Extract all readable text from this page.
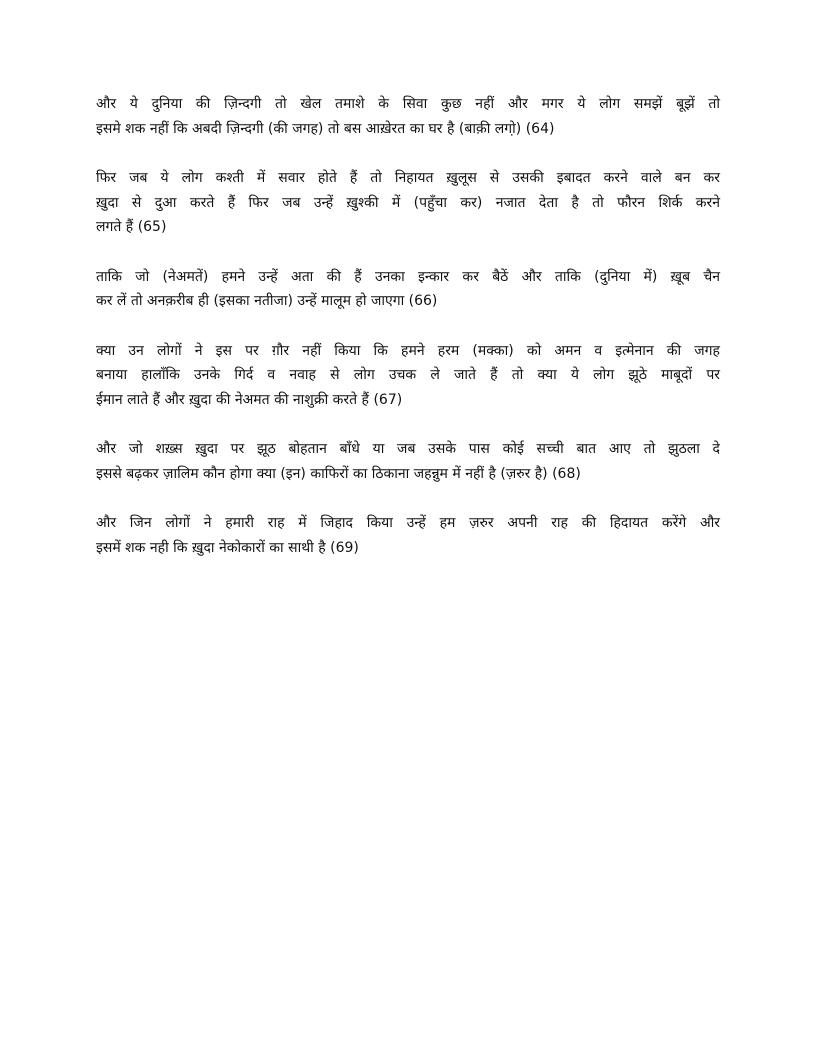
और ये दुनिया की ज़िन्दगी तो खेल तमाशे के सिवा कुछ नहीं और मगर ये लोग समझें बूझें तो
इसमे शक नहीं कि अबदी ज़िन्दगी (की जगह) तो बस आख़ेरत का घर है (बाक़ी लगो़) (64)
फिर जब ये लोग कश्ती में सवार होते हैं तो निहायत ख़ुलूस से उसकी इबादत करने वाले बन कर
ख़ुदा से दुआ करते हैं फिर जब उन्हें ख़ुश्की में (पहुँचा कर) नजात देता है तो फौरन शिर्क करने
लगते हैं (65)
ताकि जो (नेअमतें) हमने उन्हें अता की हैं उनका इन्कार कर बैठें और ताकि (दुनिया में) ख़ूब चैन
कर लें तो अनक़रीब ही (इसका नतीजा) उन्हें मालूम हो जाएगा (66)
क्या उन लोगों ने इस पर ग़ौर नहीं किया कि हमने हरम (मक्का) को अमन व इत्मेनान की जगह
बनाया हालाँकि उनके गिर्द व नवाह से लोग उचक ले जाते हैं तो क्या ये लोग झूठे माबूदों पर
ईमान लाते हैं और ख़ुदा की नेअमत की नाशुक्री करते हैं (67)
और जो शख़्स ख़ुदा पर झूठ बोहतान बाँधे या जब उसके पास कोई सच्ची बात आए तो झुठला दे
इससे बढ़कर ज़ालिम कौन होगा क्या (इन) काफिरों का ठिकाना जहन्नुम में नहीं है (ज़रुर है) (68)
और जिन लोगों ने हमारी राह में जिहाद किया उन्हें हम ज़रुर अपनी राह की हिदायत करेंगे और
इसमें शक नही कि ख़ुदा नेकोकारों का साथी है (69)
